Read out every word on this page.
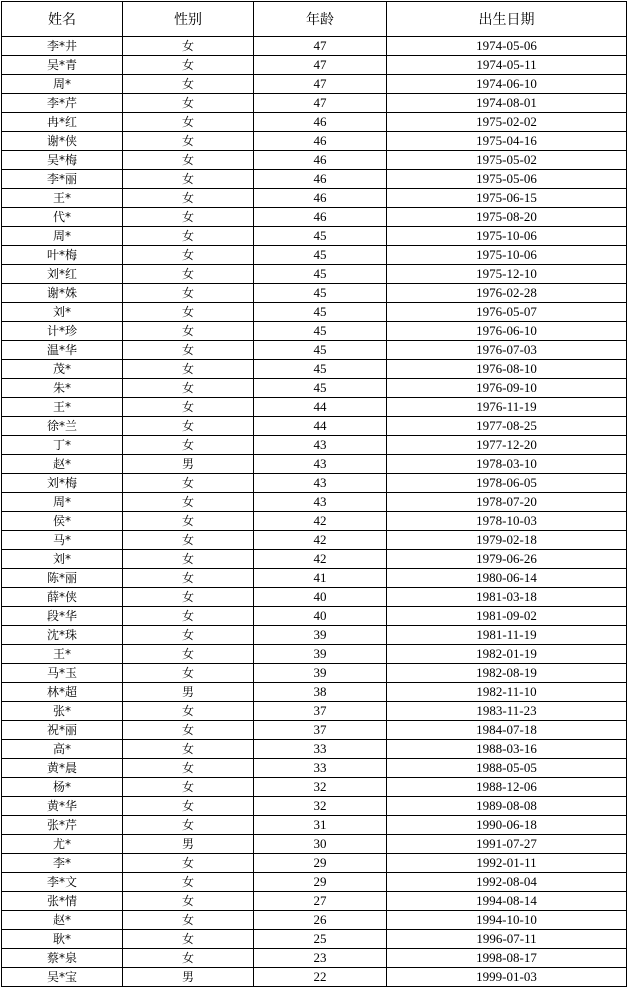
姓名	性别	年龄	出生日期
李*井	女	47	1974-05-06
吴*青	女	47	1974-05-11
周*	女	47	1974-06-10
李*芹	女	47	1974-08-01
冉*红	女	46	1975-02-02
谢*侠	女	46	1975-04-16
吴*梅	女	46	1975-05-02
李*丽	女	46	1975-05-06
王*	女	46	1975-06-15
代*	女	46	1975-08-20
周*	女	45	1975-10-06
叶*梅	女	45	1975-10-06
刘*红	女	45	1975-12-10
谢*姝	女	45	1976-02-28
刘*	女	45	1976-05-07
计*珍	女	45	1976-06-10
温*华	女	45	1976-07-03
茂*	女	45	1976-08-10
朱*	女	45	1976-09-10
王*	女	44	1976-11-19
徐*兰	女	44	1977-08-25
丁*	女	43	1977-12-20
赵*	男	43	1978-03-10
刘*梅	女	43	1978-06-05
周*	女	43	1978-07-20
侯*	女	42	1978-10-03
马*	女	42	1979-02-18
刘*	女	42	1979-06-26
陈*丽	女	41	1980-06-14
薛*侠	女	40	1981-03-18
段*华	女	40	1981-09-02
沈*珠	女	39	1981-11-19
王*	女	39	1982-01-19
马*玉	女	39	1982-08-19
林*超	男	38	1982-11-10
张*	女	37	1983-11-23
祝*丽	女	37	1984-07-18
高*	女	33	1988-03-16
黄*晨	女	33	1988-05-05
杨*	女	32	1988-12-06
黄*华	女	32	1989-08-08
张*芹	女	31	1990-06-18
尤*	男	30	1991-07-27
李*	女	29	1992-01-11
李*文	女	29	1992-08-04
张*情	女	27	1994-08-14
赵*	女	26	1994-10-10
耿*	女	25	1996-07-11
蔡*泉	女	23	1998-08-17
吴*宝	男	22	1999-01-03
